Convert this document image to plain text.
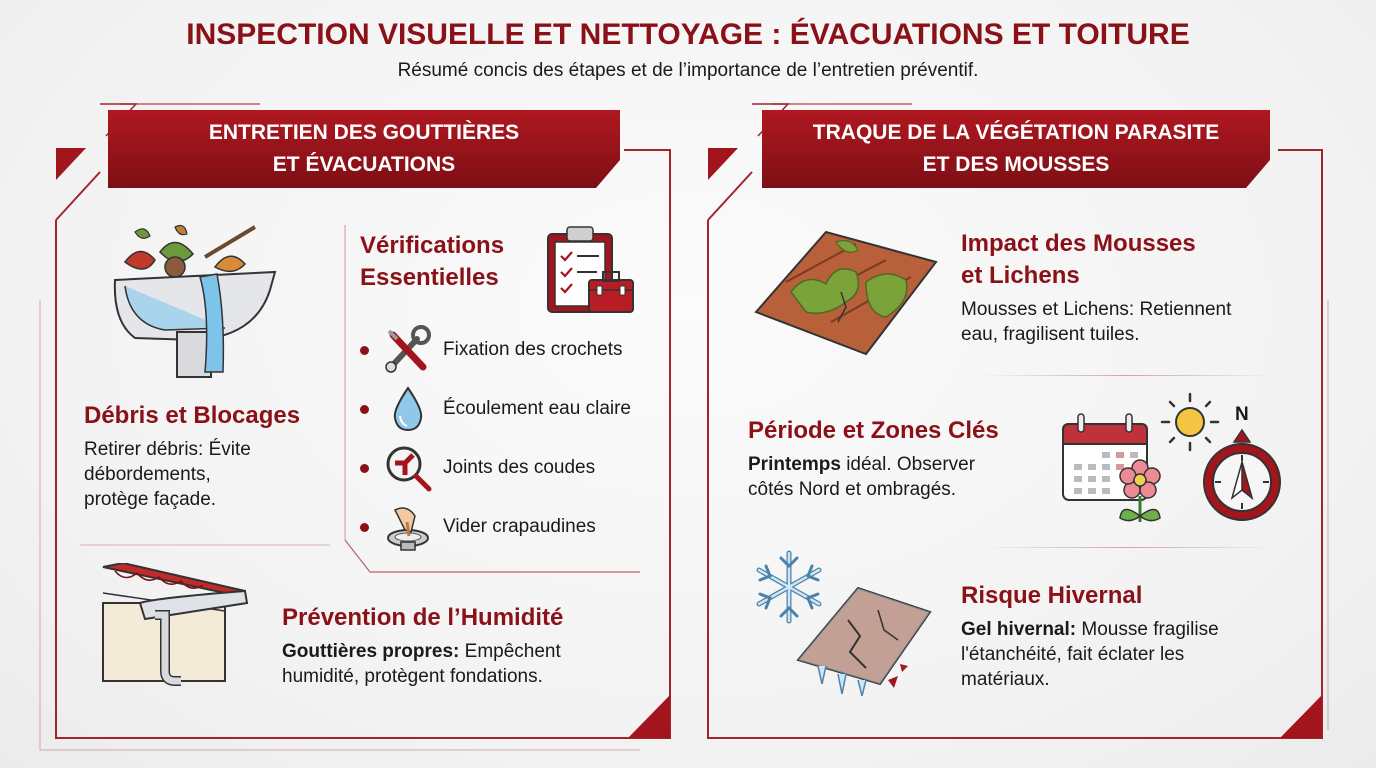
INSPECTION VISUELLE ET NETTOYAGE : ÉVACUATIONS ET TOITURE
Résumé concis des étapes et de l’importance de l’entretien préventif.
ENTRETIEN DES GOUTTIÈRES
ET ÉVACUATIONS
Débris et Blocages
Retirer débris: Évite
débordements,
protège façade.
Vérifications
Essentielles
Fixation des crochets
Écoulement eau claire
Joints des coudes
Vider crapaudines
Prévention de l’Humidité
Gouttières propres: Empêchent
humidité, protègent fondations.
TRAQUE DE LA VÉGÉTATION PARASITE
ET DES MOUSSES
Impact des Mousses
et Lichens
Mousses et Lichens: Retiennent
eau, fragilisent tuiles.
Période et Zones Clés
Printemps idéal. Observer
côtés Nord et ombragés.
N
Risque Hivernal
Gel hivernal: Mousse fragilise
l'étanchéité, fait éclater les
matériaux.
